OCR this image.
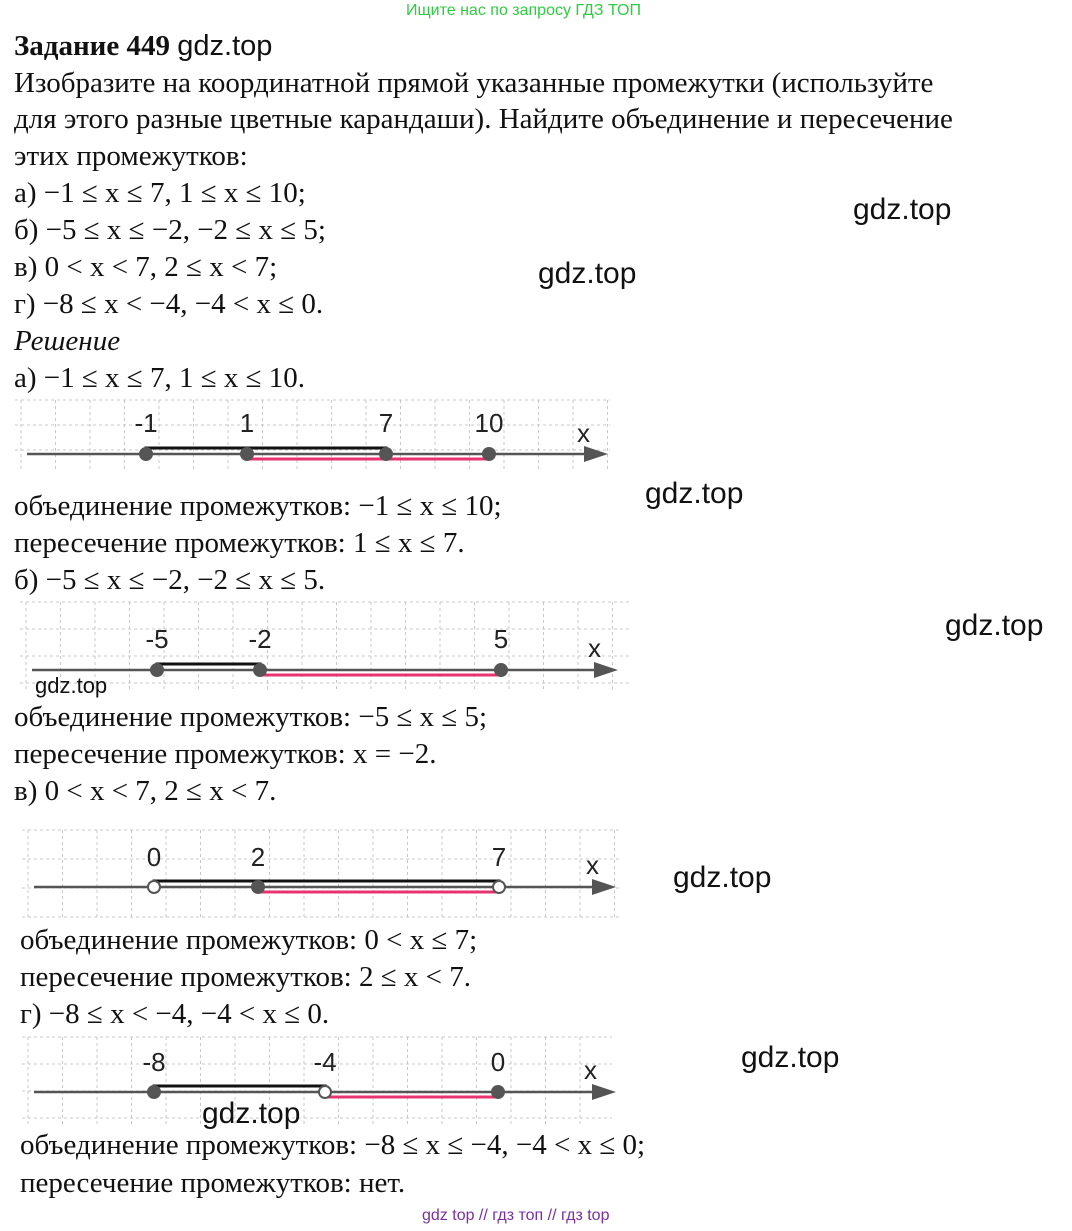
Ищите нас по запросу ГДЗ ТОП
Задание 449 gdz.top
Изобразите на координатной прямой указанные промежутки (используйте
для этого разные цветные карандаши). Найдите объединение и пересечение
этих промежутков:
а) −1 ≤ x ≤ 7, 1 ≤ x ≤ 10;
б) −5 ≤ x ≤ −2, −2 ≤ x ≤ 5;
в) 0 < x < 7, 2 ≤ x < 7;
г) −8 ≤ x < −4, −4 < x ≤ 0.
Решение
а) −1 ≤ x ≤ 7, 1 ≤ x ≤ 10.
x
-1	1	7	10
объединение промежутков: −1 ≤ x ≤ 10;
пересечение промежутков: 1 ≤ x ≤ 7.
б) −5 ≤ x ≤ −2, −2 ≤ x ≤ 5.
x
-5	-2	5
объединение промежутков: −5 ≤ x ≤ 5;
пересечение промежутков: x = −2.
в) 0 < x < 7, 2 ≤ x < 7.
x
0	2	7
объединение промежутков: 0 < x ≤ 7;
пересечение промежутков: 2 ≤ x < 7.
г) −8 ≤ x < −4, −4 < x ≤ 0.
x
-8	-4	0
объединение промежутков: −8 ≤ x ≤ −4, −4 < x ≤ 0;
пересечение промежутков: нет.
gdz.top
gdz.top
gdz.top
gdz.top
gdz.top
gdz.top
gdz.top
gdz.top
gdz top // гдз топ // гдз top
